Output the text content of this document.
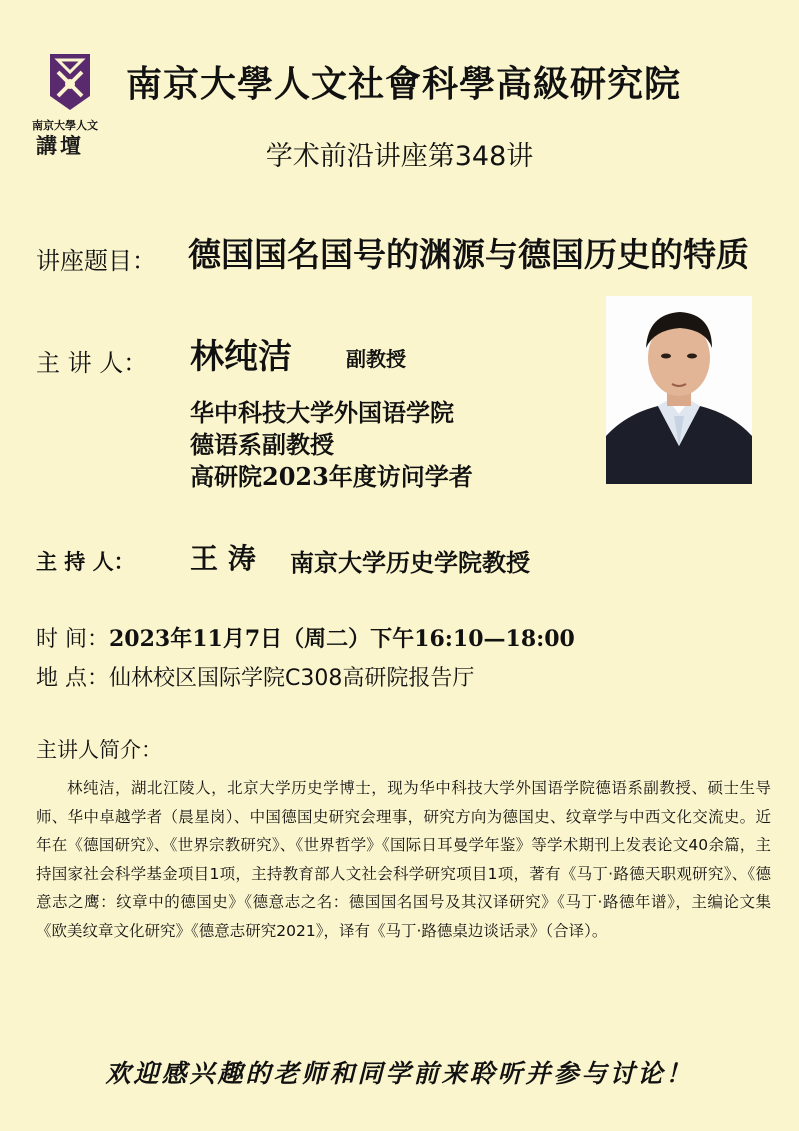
南京大學人文
講壇
南京大學人文社會科學高級研究院
学术前沿讲座第348讲
讲座题目： 德国国名国号的渊源与德国历史的特质
主 讲 人： 林纯洁	副教授
华中科技大学外国语学院
德语系副教授
高研院2023年度访问学者
主 持 人： 王 涛 南京大学历史学院教授
时 间：2023年11月7日（周二）下午16:10—18:00
地 点：仙林校区国际学院C308高研院报告厅
主讲人简介：
林纯洁，湖北江陵人，北京大学历史学博士，现为华中科技大学外国语学院德语系副教授、硕士生导师、华中卓越学者（晨星岗）、中国德国史研究会理事，研究方向为德国史、纹章学与中西文化交流史。近年在《德国研究》、《世界宗教研究》、《世界哲学》《国际日耳曼学年鉴》等学术期刊上发表论文40余篇，主持国家社会科学基金项目1项，主持教育部人文社会科学研究项目1项，著有《马丁·路德天职观研究》、《德意志之鹰：纹章中的德国史》《德意志之名：德国国名国号及其汉译研究》《马丁·路德年谱》，主编论文集《欧美纹章文化研究》《德意志研究2021》，译有《马丁·路德桌边谈话录》（合译）。
欢迎感兴趣的老师和同学前来聆听并参与讨论！
